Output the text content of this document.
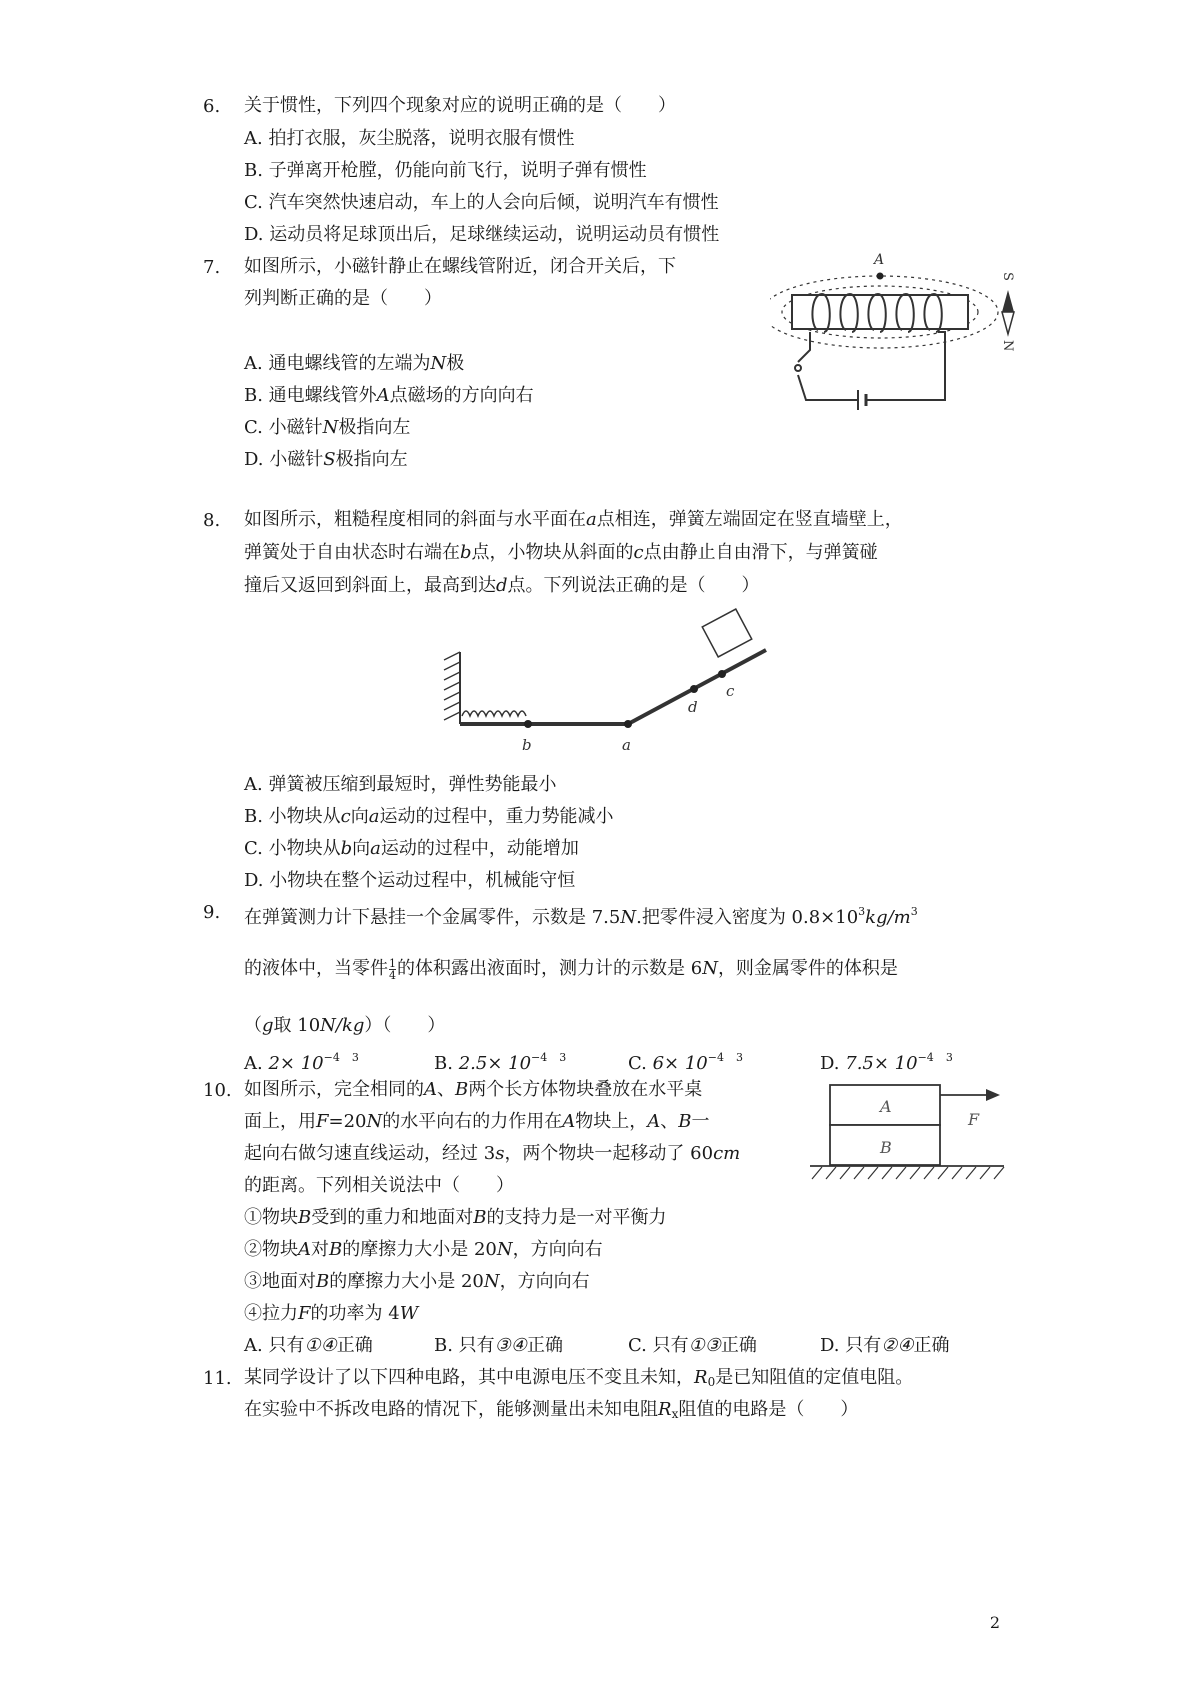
6. 关于惯性，下列四个现象对应的说明正确的是（　　）
A. 拍打衣服，灰尘脱落，说明衣服有惯性
B. 子弹离开枪膛，仍能向前飞行，说明子弹有惯性
C. 汽车突然快速启动，车上的人会向后倾，说明汽车有惯性
D. 运动员将足球顶出后，足球继续运动，说明运动员有惯性
7. 如图所示，小磁针静止在螺线管附近，闭合开关后，下
列判断正确的是（　　）
A. 通电螺线管的左端为N极
B. 通电螺线管外A点磁场的方向向右
C. 小磁针N极指向左
D. 小磁针S极指向左
A
S
N
8. 如图所示，粗糙程度相同的斜面与水平面在a点相连，弹簧左端固定在竖直墙壁上，
弹簧处于自由状态时右端在b点，小物块从斜面的c点由静止自由滑下，与弹簧碰
撞后又返回到斜面上，最高到达d点。下列说法正确的是（　　）
b	a
d
c
A. 弹簧被压缩到最短时，弹性势能最小
B. 小物块从c向a运动的过程中，重力势能减小
C. 小物块从b向a运动的过程中，动能增加
D. 小物块在整个运动过程中，机械能守恒
9. 在弹簧测力计下悬挂一个金属零件，示数是 7.5N.把零件浸入密度为 $0.8\times 10^3kg/m^3$
的液体中，当零件 $\frac{1}{4}$ 的体积露出液面时，测力计的示数是 6N，则金属零件的体积是
（g取 10N/kg）（　　）
A. $2\times 10^{-4}$ $^3$	B. $2.5\times 10^{-4}$ $^3$	C. $6\times 10^{-4}$ $^3$	D. $7.5\times 10^{-4}$ $^3$
10. 如图所示，完全相同的A、B两个长方体物块叠放在水平桌
面上，用F=20N的水平向右的力作用在A物块上，A、B一
起向右做匀速直线运动，经过 3s，两个物块一起移动了 60cm
的距离。下列相关说法中（　　）
①物块B受到的重力和地面对B的支持力是一对平衡力
②物块A对B的摩擦力大小是 20N，方向向右
③地面对B的摩擦力大小是 20N，方向向右
④拉力F的功率为 4W
A. 只有①④正确	B. 只有③④正确	C. 只有①③正确	D. 只有②④正确
A
B
F
11. 某同学设计了以下四种电路，其中电源电压不变且未知，$R_0$是已知阻值的定值电阻。
在实验中不拆改电路的情况下，能够测量出未知电阻$R_x$阻值的电路是（　　）
2
